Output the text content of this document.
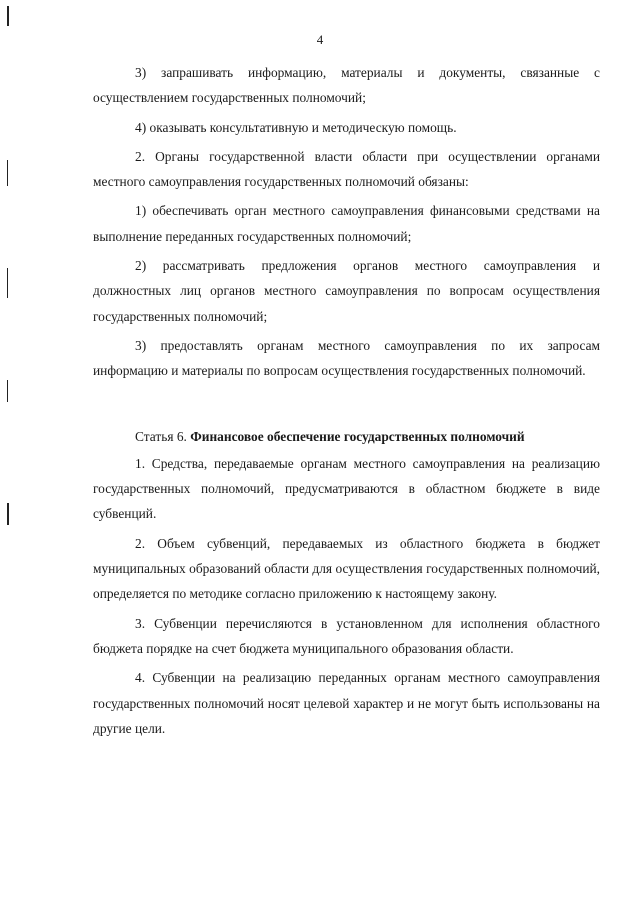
4

3) запрашивать информацию, материалы и документы, связанные с осуществлением государственных полномочий;

4) оказывать консультативную и методическую помощь.

2. Органы государственной власти области при осуществлении органами местного самоуправления государственных полномочий обязаны:

1) обеспечивать орган местного самоуправления финансовыми средствами на выполнение переданных государственных полномочий;

2) рассматривать предложения органов местного самоуправления и должностных лиц органов местного самоуправления по вопросам осуществления государственных полномочий;

3) предоставлять органам местного самоуправления по их запросам информацию и материалы по вопросам осуществления государственных полномочий.

Статья 6. Финансовое обеспечение государственных полномочий

1. Средства, передаваемые органам местного самоуправления на реализацию государственных полномочий, предусматриваются в областном бюджете в виде субвенций.

2. Объем субвенций, передаваемых из областного бюджета в бюджет муниципальных образований области для осуществления государственных полномочий, определяется по методике согласно приложению к настоящему закону.

3. Субвенции перечисляются в установленном для исполнения областного бюджета порядке на счет бюджета муниципального образования области.

4. Субвенции на реализацию переданных органам местного самоуправления государственных полномочий носят целевой характер и не могут быть использованы на другие цели.
